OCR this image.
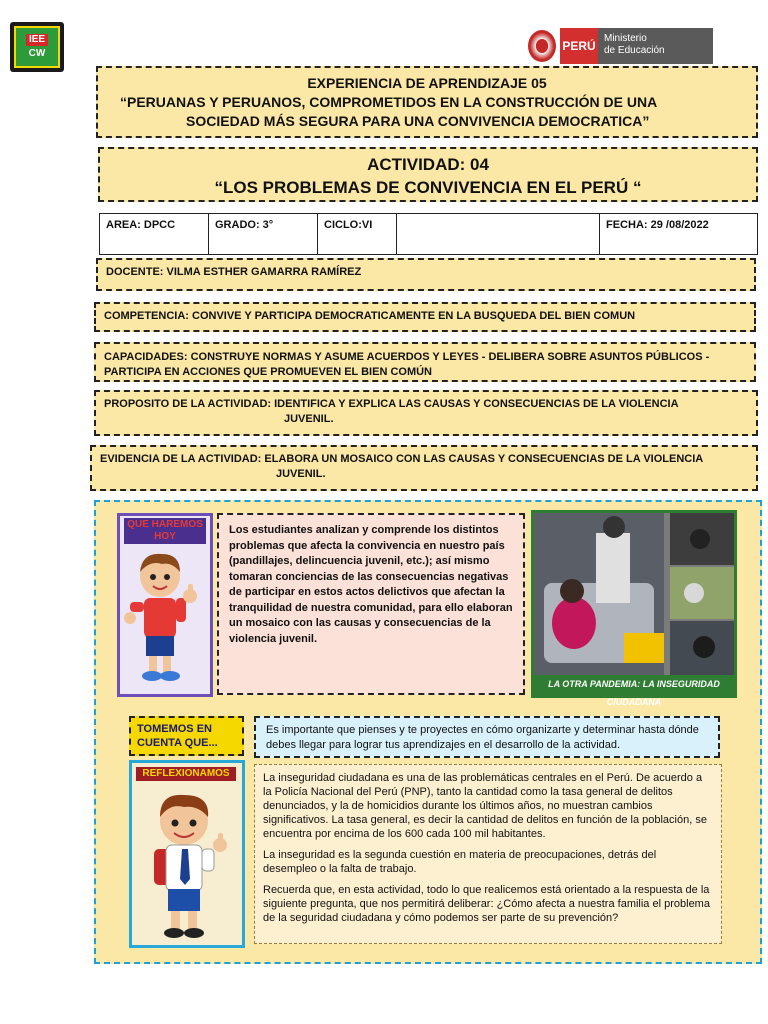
IEE
CW
PERÚ
Ministerio
de Educación
EXPERIENCIA DE APRENDIZAJE 05
“PERUANAS Y PERUANOS, COMPROMETIDOS EN LA CONSTRUCCIÓN DE UNA
SOCIEDAD MÁS SEGURA PARA UNA CONVIVENCIA DEMOCRATICA”
ACTIVIDAD: 04
“LOS PROBLEMAS DE CONVIVENCIA EN EL PERÚ “
AREA: DPCC	GRADO: 3°	CICLO:VI		FECHA: 29 /08/2022
DOCENTE: VILMA ESTHER GAMARRA RAMÍREZ
COMPETENCIA: CONVIVE Y PARTICIPA DEMOCRATICAMENTE EN LA BUSQUEDA DEL BIEN COMUN
CAPACIDADES: CONSTRUYE NORMAS Y ASUME ACUERDOS Y LEYES - DELIBERA SOBRE ASUNTOS PÚBLICOS -
PARTICIPA EN ACCIONES QUE PROMUEVEN EL BIEN COMÚN
PROPOSITO DE LA ACTIVIDAD: IDENTIFICA Y EXPLICA LAS CAUSAS Y CONSECUENCIAS DE LA VIOLENCIA
JUVENIL.
EVIDENCIA DE LA ACTIVIDAD: ELABORA UN MOSAICO CON LAS CAUSAS Y CONSECUENCIAS DE LA VIOLENCIA
JUVENIL.
QUE HAREMOS HOY
Los estudiantes analizan y comprende los distintos problemas que afecta la convivencia en nuestro país (pandillajes, delincuencia juvenil, etc.); así mismo tomaran conciencias de las consecuencias negativas de participar en estos actos delictivos que afectan la tranquilidad de nuestra comunidad, para ello elaboran un mosaico con las causas y consecuencias de la violencia juvenil.
LA OTRA PANDEMIA: LA INSEGURIDAD CIUDADANA
TOMEMOS EN CUENTA QUE...
Es importante que pienses y te proyectes en cómo organizarte y determinar hasta dónde debes llegar para lograr tus aprendizajes en el desarrollo de la actividad.
REFLEXIONAMOS	La inseguridad ciudadana es una de las problemáticas centrales en el Perú. De acuerdo a la Policía Nacional del Perú (PNP), tanto la cantidad como la tasa general de delitos denunciados, y la de homicidios durante los últimos años, no muestran cambios significativos. La tasa general, es decir la cantidad de delitos en función de la población, se encuentra por encima de los 600 cada 100 mil habitantes.

La inseguridad es la segunda cuestión en materia de preocupaciones, detrás del desempleo o la falta de trabajo.

Recuerda que, en esta actividad, todo lo que realicemos está orientado a la respuesta de la siguiente pregunta, que nos permitirá deliberar: ¿Cómo afecta a nuestra familia el problema de la seguridad ciudadana y cómo podemos ser parte de su prevención?
